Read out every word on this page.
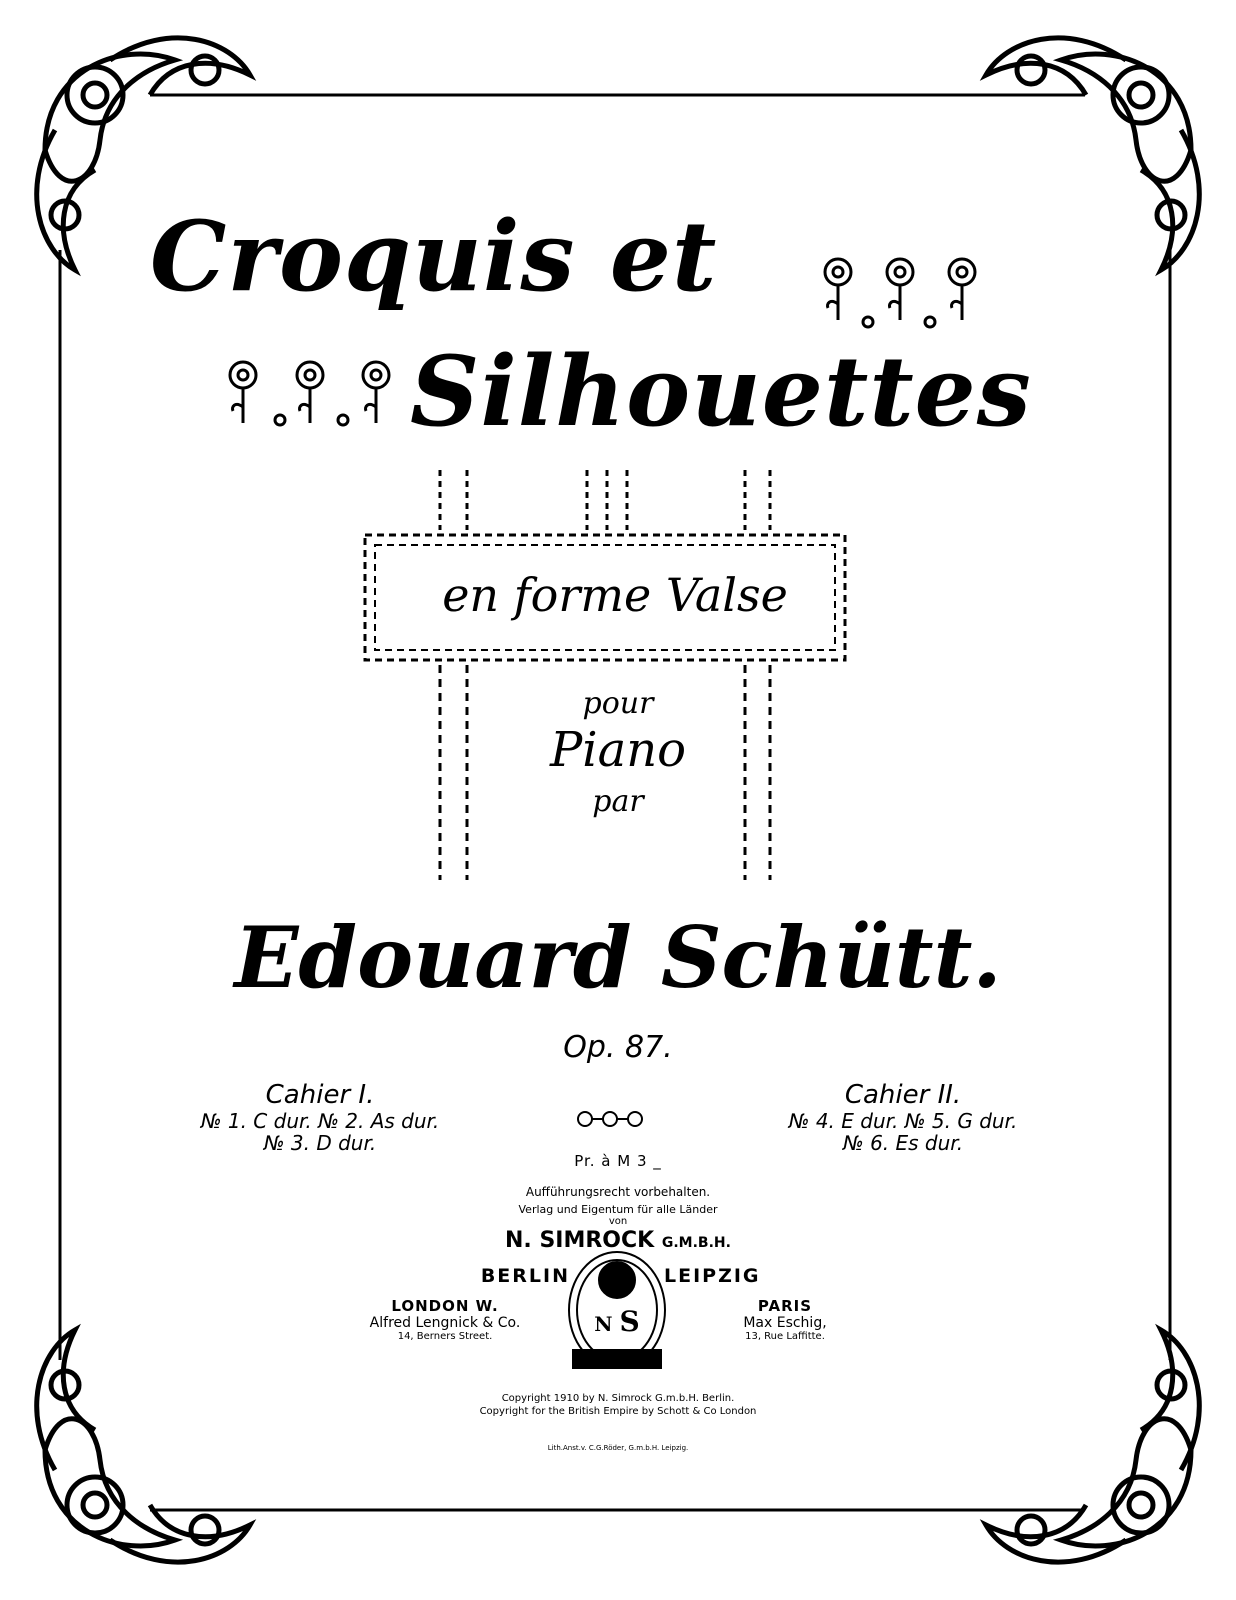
Croquis et
Silhouettes
en forme Valse
pour
Piano
par
Edouard Schütt.
Op. 87.
Cahier I.
№ 1. C dur. № 2. As dur.
№ 3. D dur.
Cahier II.
№ 4. E dur. № 5. G dur.
№ 6. Es dur.
Pr. à M 3 _
Aufführungsrecht vorbehalten.
Verlag und Eigentum für alle Länder
von
N. SIMROCK G.M.B.H.
BERLIN	LEIPZIG
LONDON W.
Alfred Lengnick & Co.
14, Berners Street.
PARIS
Max Eschig,
13, Rue Laffitte.
N S
Copyright 1910 by N. Simrock G.m.b.H. Berlin.
Copyright for the British Empire by Schott & Co London
Lith.Anst.v. C.G.Röder, G.m.b.H. Leipzig.
